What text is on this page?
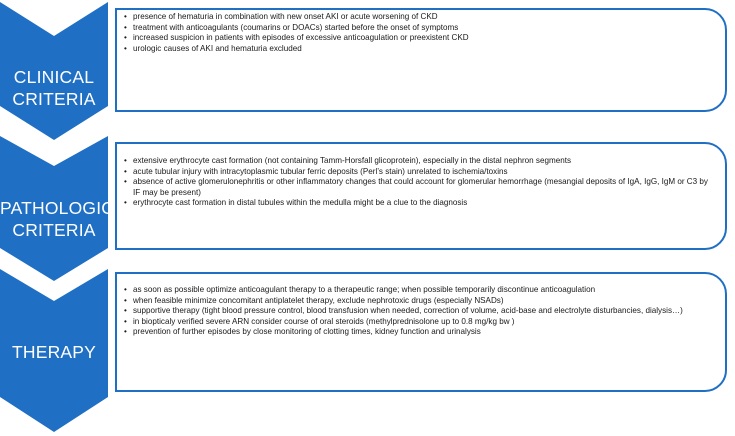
CLINICAL
CRITERIA
• presence of hematuria in combination with new onset AKI or acute worsening of CKD
• treatment with anticoagulants (coumarins or DOACs) started before the onset of symptoms
• increased suspicion in patients with episodes of excessive anticoagulation or preexistent CKD
• urologic causes of AKI and hematuria excluded
PATHOLOGIC
CRITERIA
• extensive erythrocyte cast formation (not containing Tamm-Horsfall glicoprotein), especially in the distal nephron segments
• acute tubular injury with intracytoplasmic tubular ferric deposits (Perl’s stain) unrelated to ischemia/toxins
• absence of active glomerulonephritis or other inflammatory changes that could account for glomerular hemorrhage (mesangial deposits of IgA, IgG, IgM or C3 by IF may be present)
• erythrocyte cast formation in distal tubules within the medulla might be a clue to the diagnosis
THERAPY
• as soon as possible optimize anticoagulant therapy to a therapeutic range; when possible temporarily discontinue anticoagulation
• when feasible minimize concomitant antiplatelet therapy, exclude nephrotoxic drugs (especially NSADs)
• supportive therapy (tight blood pressure control, blood transfusion when needed, correction of volume, acid-base and electrolyte disturbancies, dialysis…)
• in biopticaly verified severe ARN consider course of oral steroids (methylprednisolone up to 0.8 mg/kg bw )
• prevention of further episodes by close monitoring of clotting times, kidney function and urinalysis
